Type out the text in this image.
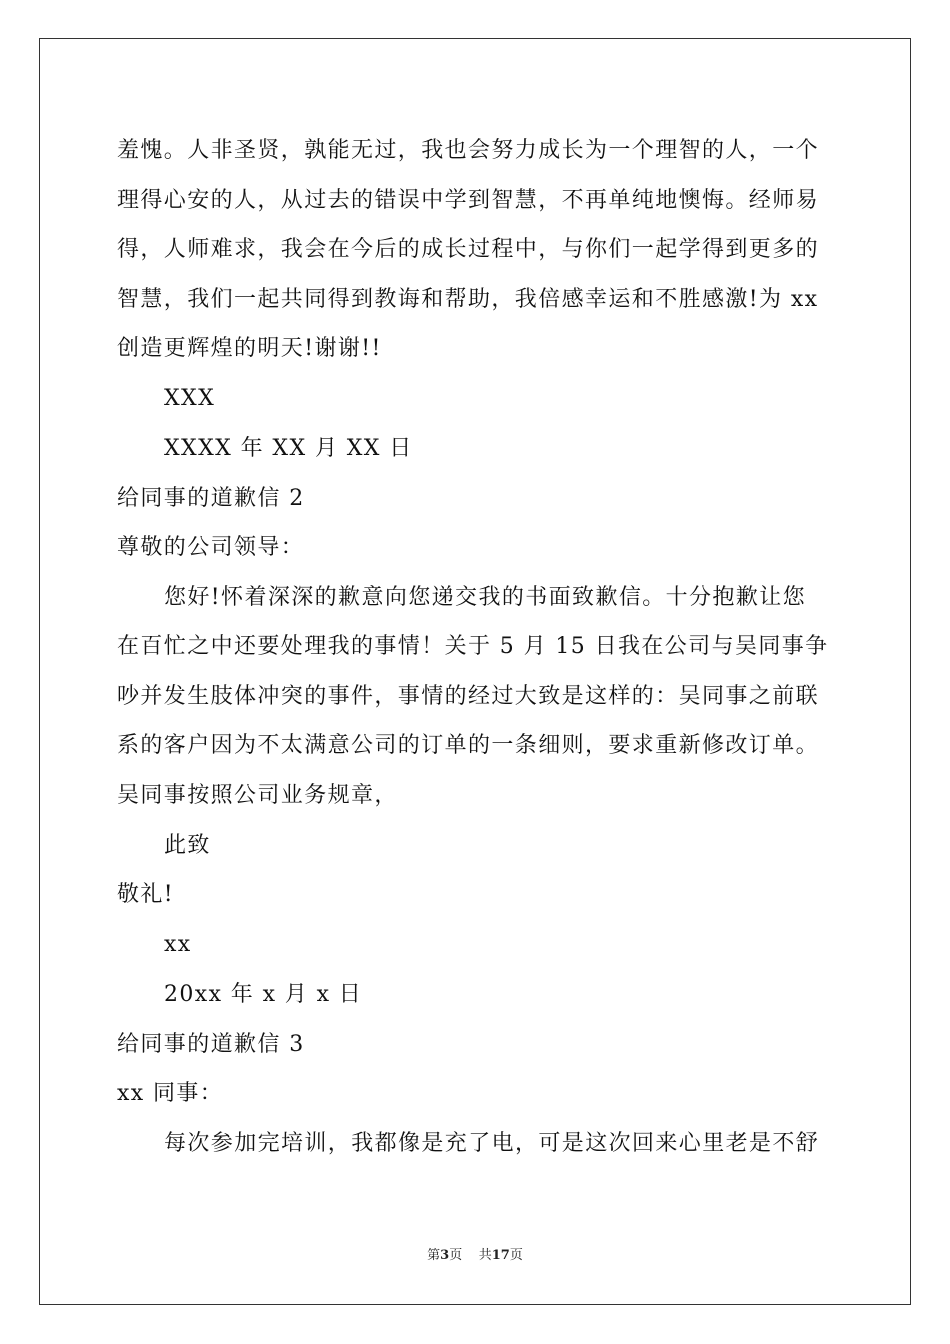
羞愧。人非圣贤，孰能无过，我也会努力成长为一个理智的人，一个
理得心安的人，从过去的错误中学到智慧，不再单纯地懊悔。经师易
得，人师难求，我会在今后的成长过程中，与你们一起学得到更多的
智慧，我们一起共同得到教诲和帮助，我倍感幸运和不胜感激!为 xx
创造更辉煌的明天!谢谢!!
XXX
XXXX 年 XX 月 XX 日
给同事的道歉信 2
尊敬的公司领导：
您好!怀着深深的歉意向您递交我的书面致歉信。十分抱歉让您
在百忙之中还要处理我的事情！关于 5 月 15 日我在公司与吴同事争
吵并发生肢体冲突的事件，事情的经过大致是这样的：吴同事之前联
系的客户因为不太满意公司的订单的一条细则，要求重新修改订单。
吴同事按照公司业务规章，
此致
敬礼!
xx
20xx 年 x 月 x 日
给同事的道歉信 3
xx 同事：
每次参加完培训，我都像是充了电，可是这次回来心里老是不舒
第3页    共17页
